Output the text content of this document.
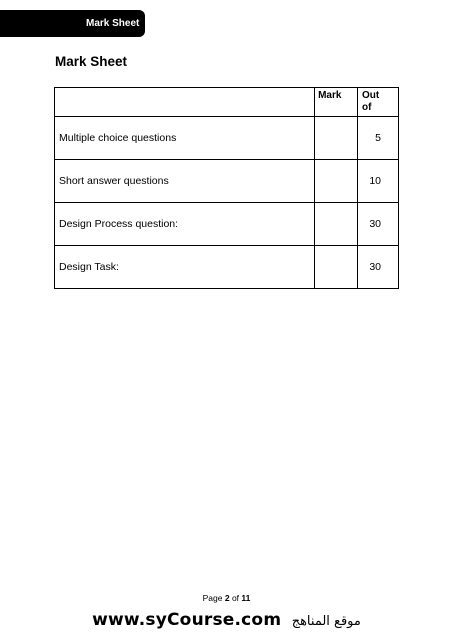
Mark Sheet
Mark Sheet
	Mark	Out
of
Multiple choice questions		5
Short answer questions		10
Design Process question:		30
Design Task:		30
Page 2 of 11
www.syCourse.com موقع المناهج
